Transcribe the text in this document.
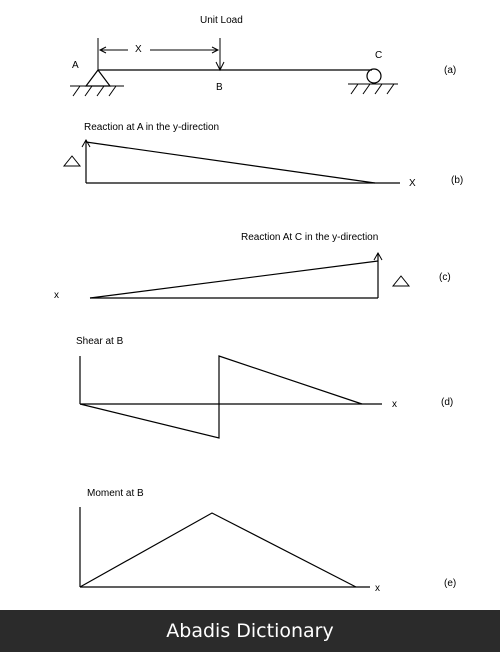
Unit Load
X
A
B
C
(a)
Reaction at A in the y-direction
X	(b)
Reaction At C in the y-direction
x
(c)
Shear at B
x	(d)
Moment at B
x	(e)
Abadis Dictionary
